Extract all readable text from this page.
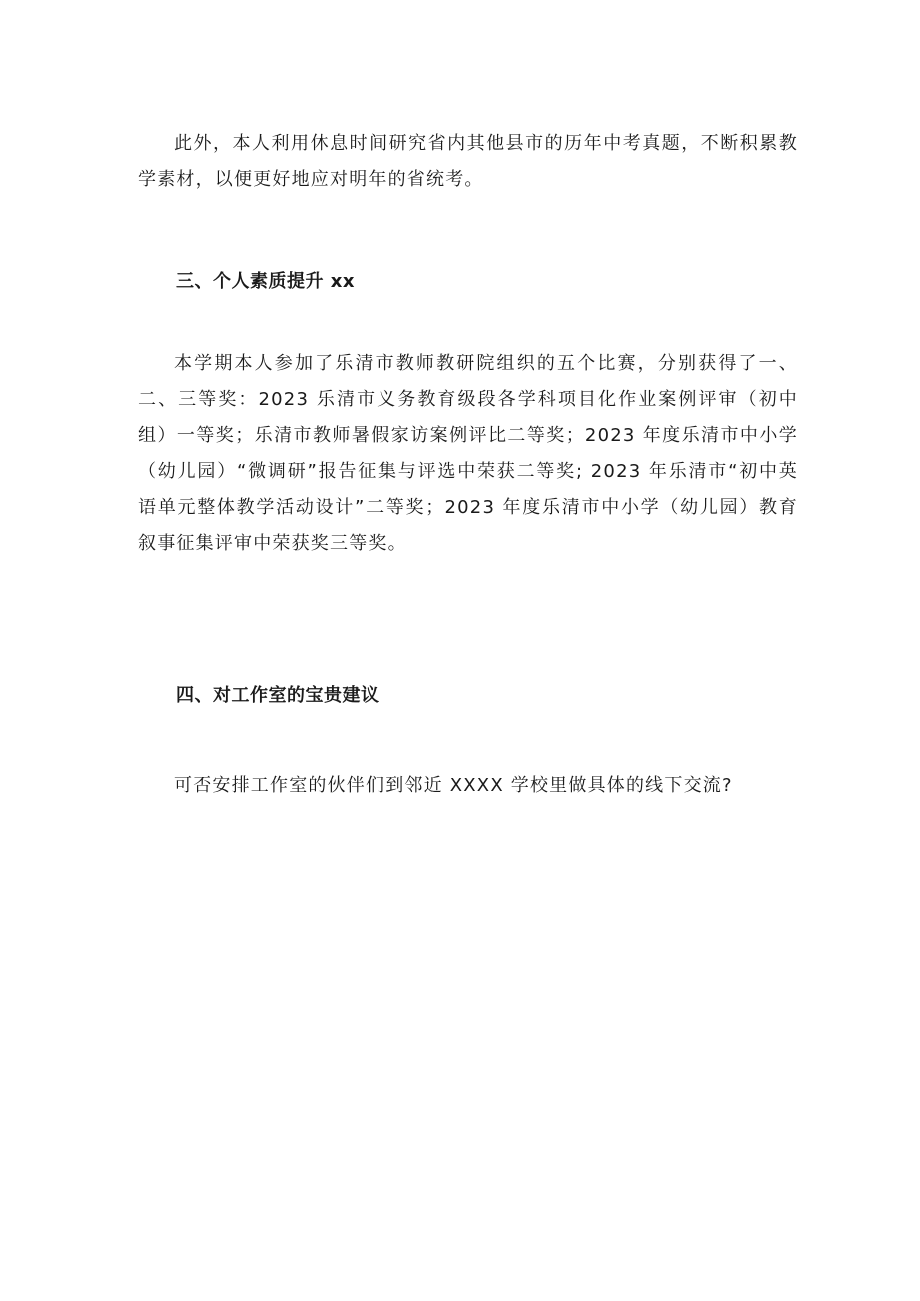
此外，本人利用休息时间研究省内其他县市的历年中考真题，不断积累教学素材，以便更好地应对明年的省统考。

三、个人素质提升 xx

本学期本人参加了乐清市教师教研院组织的五个比赛，分别获得了一、二、三等奖：2023 乐清市义务教育级段各学科项目化作业案例评审（初中组）一等奖；乐清市教师暑假家访案例评比二等奖；2023 年度乐清市中小学（幼儿园）“微调研”报告征集与评选中荣获二等奖; 2023 年乐清市“初中英语单元整体教学活动设计”二等奖；2023 年度乐清市中小学（幼儿园）教育叙事征集评审中荣获奖三等奖。

四、对工作室的宝贵建议

可否安排工作室的伙伴们到邻近 XXXX 学校里做具体的线下交流?
